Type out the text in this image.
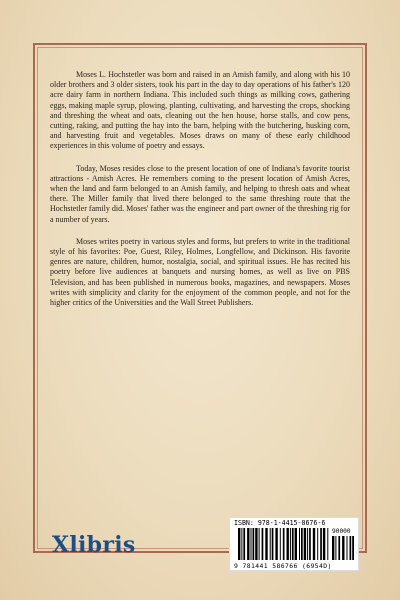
Moses L. Hochstetler was born and raised in an Amish family, and along with his 10 older brothers and 3 older sisters, took his part in the day to day operations of his father's 120 acre dairy farm in northern Indiana. This included such things as milking cows, gathering eggs, making maple syrup, plowing, planting, cultivating, and harvesting the crops, shocking and threshing the wheat and oats, cleaning out the hen house, horse stalls, and cow pens, cutting, raking, and putting the hay into the barn, helping with the butchering, husking corn, and harvesting fruit and vegetables. Moses draws on many of these early childhood experiences in this volume of poetry and essays.

Today, Moses resides close to the present location of one of Indiana's favorite tourist attractions - Amish Acres. He remembers coming to the present location of Amish Acres, when the land and farm belonged to an Amish family, and helping to thresh oats and wheat there. The Miller family that lived there belonged to the same threshing route that the Hochstetler family did. Moses' father was the engineer and part owner of the threshing rig for a number of years.

Moses writes poetry in various styles and forms, but prefers to write in the traditional style of his favorites: Poe, Guest, Riley, Holmes, Longfellow, and Dickinson. His favorite genres are nature, children, humor, nostalgia, social, and spiritual issues. He has recited his poetry before live audiences at banquets and nursing homes, as well as live on PBS Television, and has been published in numerous books, magazines, and newspapers. Moses writes with simplicity and clarity for the enjoyment of the common people, and not for the higher critics of the Universities and the Wall Street Publishers.

Xlibris
ISBN: 978-1-4415-8676-6
90000
9 781441 586766 (6954D)
